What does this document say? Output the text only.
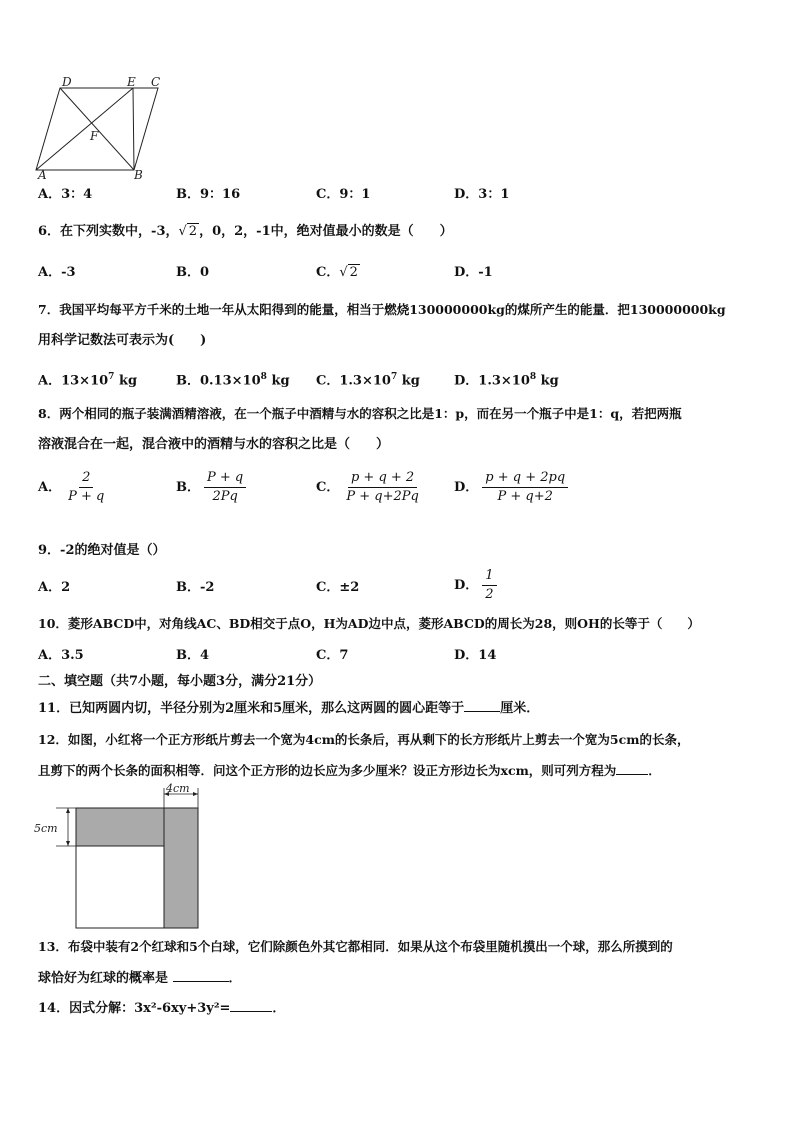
D	E C
F
A	B
A．3：4	B．9：16	C．9：1	D．3：1
6．在下列实数中，-3，√ 2 ，0，2，-1中，绝对值最小的数是（　　）
A．-3	B．0	C．√ 2	D．-1
7．我国平均每平方千米的土地一年从太阳得到的能量，相当于燃烧130000000kg的煤所产生的能量．把130000000kg
用科学记数法可表示为(　　)
A．$13\times 10^7$ kg	B．$0.13\times 10^8$ kg C．$1.3\times 10^7$ kg	D．$1.3\times 10^8$ kg
8．两个相同的瓶子装满酒精溶液，在一个瓶子中酒精与水的容积之比是1：p，而在另一个瓶子中是1：q，若把两瓶
溶液混合在一起，混合液中的酒精与水的容积之比是（　　）
A． $\frac{2}{P + q}$	B． $\frac{P + q}{2Pq}$	C． $\frac{p + q + 2}{P + q+2Pq}$ D． $\frac{p + q + 2pq}{P + q+2}$
9．-2的绝对值是（）
A．2	B．-2	C．±2	D． $\frac{1}{2}$
10．菱形ABCD中，对角线AC、BD相交于点O，H为AD边中点，菱形ABCD的周长为28，则OH的长等于（　　）
A．3.5	B．4	C．7	D．14
二、填空题（共7小题，每小题3分，满分21分）
11．已知两圆内切，半径分别为2厘米和5厘米，那么这两圆的圆心距等于	厘米．
12．如图，小红将一个正方形纸片剪去一个宽为4cm的长条后，再从剩下的长方形纸片上剪去一个宽为5cm的长条，
且剪下的两个长条的面积相等．问这个正方形的边长应为多少厘米？设正方形边长为xcm，则可列方程为	．
4cm
5cm
13．布袋中装有2个红球和5个白球，它们除颜色外其它都相同．如果从这个布袋里随机摸出一个球，那么所摸到的
球恰好为红球的概率是	．
14．因式分解：3x²-6xy+3y²=	．
